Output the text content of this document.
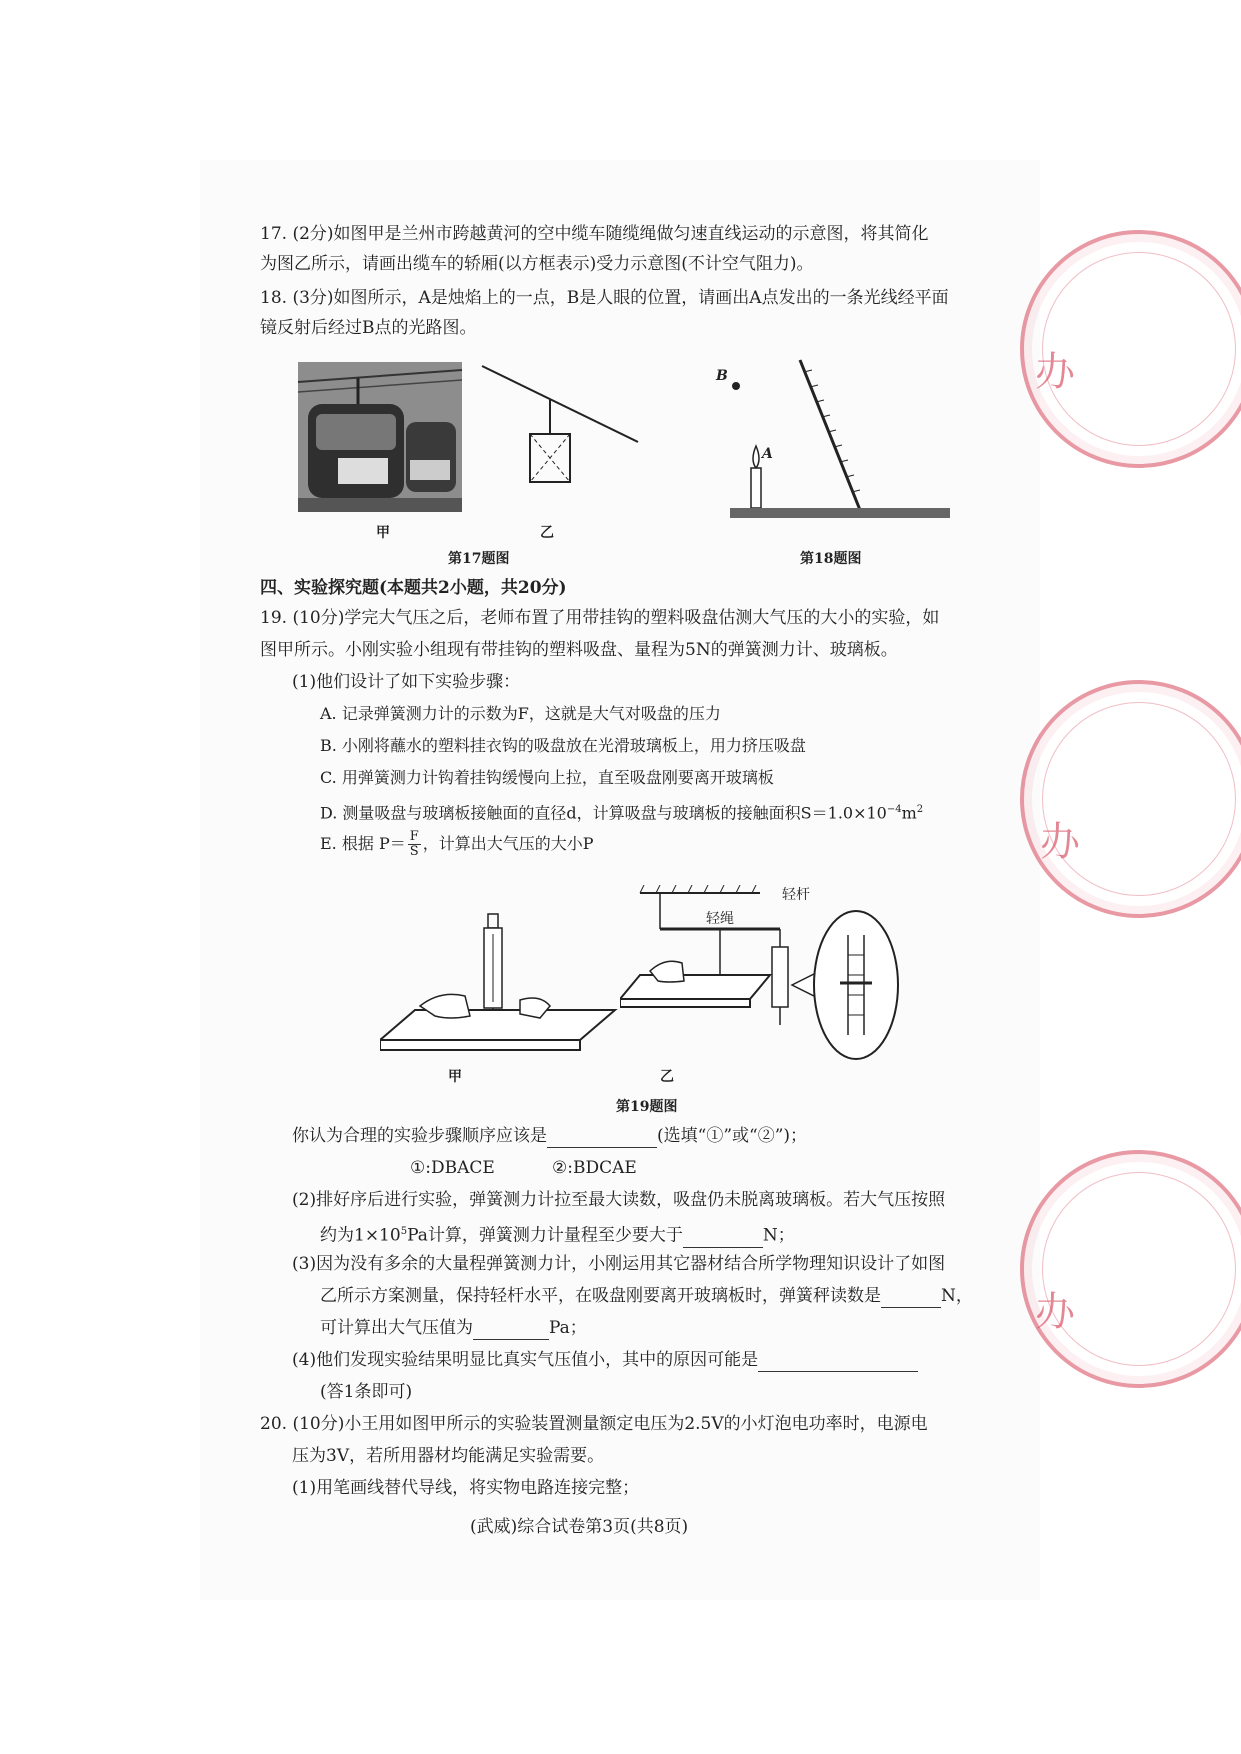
办
办
办
17. (2分)如图甲是兰州市跨越黄河的空中缆车随缆绳做匀速直线运动的示意图，将其简化
为图乙所示，请画出缆车的轿厢(以方框表示)受力示意图(不计空气阻力)。
18. (3分)如图所示，A是烛焰上的一点，B是人眼的位置，请画出A点发出的一条光线经平面
镜反射后经过B点的光路图。
甲	乙
第17题图
B
A
第18题图
四、实验探究题(本题共2小题，共20分)
19. (10分)学完大气压之后，老师布置了用带挂钩的塑料吸盘估测大气压的大小的实验，如
图甲所示。小刚实验小组现有带挂钩的塑料吸盘、量程为5N的弹簧测力计、玻璃板。
(1)他们设计了如下实验步骤：
A. 记录弹簧测力计的示数为F，这就是大气对吸盘的压力
B. 小刚将蘸水的塑料挂衣钩的吸盘放在光滑玻璃板上，用力挤压吸盘
C. 用弹簧测力计钩着挂钩缓慢向上拉，直至吸盘刚要离开玻璃板
D. 测量吸盘与玻璃板接触面的直径d，计算吸盘与玻璃板的接触面积$S=1.0\times 10^{-4}m^2$
E. 根据 $P= \frac{F}{S}$ ，计算出大气压的大小P
甲
轻杆
轻绳
乙
第19题图
你认为合理的实验步骤顺序应该是	(选填“①”或“②”)；
①:DBACE	②:BDCAE
(2)排好序后进行实验，弹簧测力计拉至最大读数，吸盘仍未脱离玻璃板。若大气压按照
约为$1\times 10^5Pa$计算，弹簧测力计量程至少要大于	N；
(3)因为没有多余的大量程弹簧测力计，小刚运用其它器材结合所学物理知识设计了如图
乙所示方案测量，保持轻杆水平，在吸盘刚要离开玻璃板时，弹簧秤读数是	N，
可计算出大气压值为	Pa；
(4)他们发现实验结果明显比真实气压值小，其中的原因可能是
(答1条即可)
20. (10分)小王用如图甲所示的实验装置测量额定电压为2.5V的小灯泡电功率时，电源电
压为3V，若所用器材均能满足实验需要。
(1)用笔画线替代导线，将实物电路连接完整；
(武威)综合试卷第3页(共8页)
